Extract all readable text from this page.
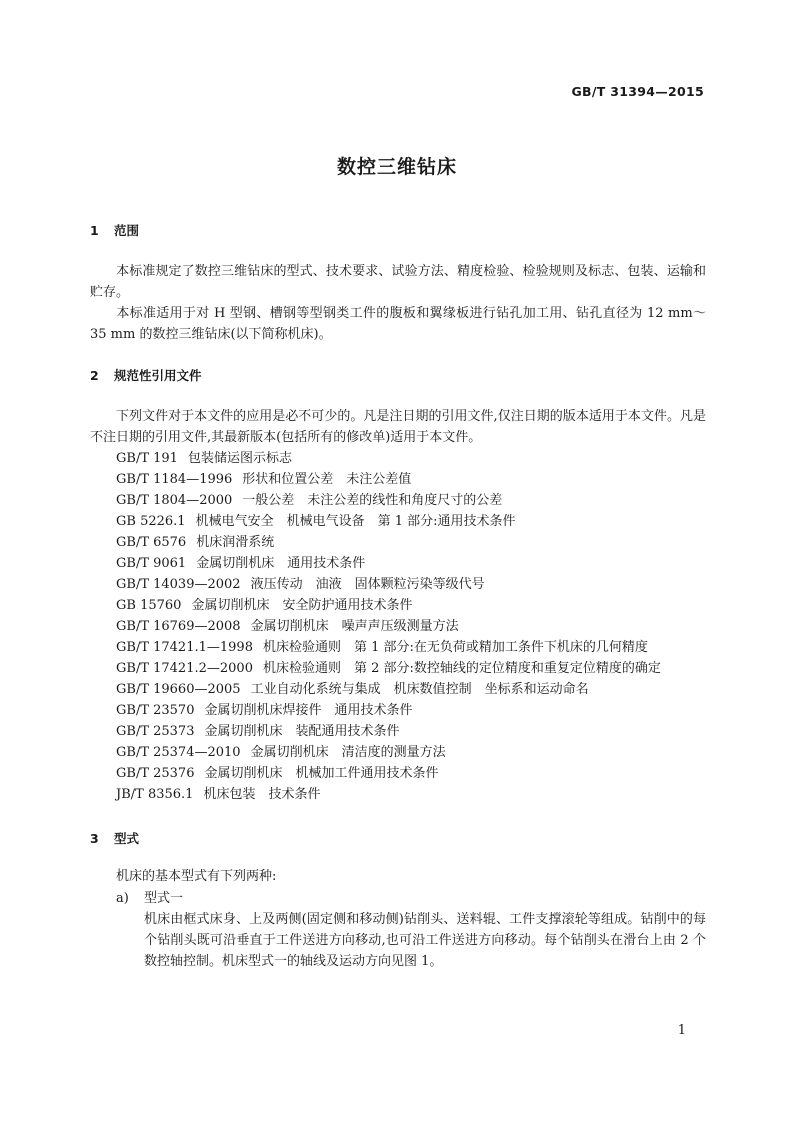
GB/T 31394—2015
数控三维钻床
1 范围
本标准规定了数控三维钻床的型式、技术要求、试验方法、精度检验、检验规则及标志、包装、运输和贮存。
本标准适用于对 H 型钢、槽钢等型钢类工件的腹板和翼缘板进行钻孔加工用、钻孔直径为 12 mm～35 mm 的数控三维钻床(以下简称机床)。
2 规范性引用文件
下列文件对于本文件的应用是必不可少的。凡是注日期的引用文件,仅注日期的版本适用于本文件。凡是不注日期的引用文件,其最新版本(包括所有的修改单)适用于本文件。
GB/T 191 包装储运图示标志
GB/T 1184—1996 形状和位置公差　未注公差值
GB/T 1804—2000 一般公差　未注公差的线性和角度尺寸的公差
GB 5226.1 机械电气安全　机械电气设备　第 1 部分:通用技术条件
GB/T 6576 机床润滑系统
GB/T 9061 金属切削机床　通用技术条件
GB/T 14039—2002 液压传动　油液　固体颗粒污染等级代号
GB 15760 金属切削机床　安全防护通用技术条件
GB/T 16769—2008 金属切削机床　噪声声压级测量方法
GB/T 17421.1—1998 机床检验通则　第 1 部分:在无负荷或精加工条件下机床的几何精度
GB/T 17421.2—2000 机床检验通则　第 2 部分:数控轴线的定位精度和重复定位精度的确定
GB/T 19660—2005 工业自动化系统与集成　机床数值控制　坐标系和运动命名
GB/T 23570 金属切削机床焊接件　通用技术条件
GB/T 25373 金属切削机床　装配通用技术条件
GB/T 25374—2010 金属切削机床　清洁度的测量方法
GB/T 25376 金属切削机床　机械加工件通用技术条件
JB/T 8356.1 机床包装　技术条件
3 型式
机床的基本型式有下列两种:
a) 型式一
机床由框式床身、上及两侧(固定侧和移动侧)钻削头、送料辊、工件支撑滚轮等组成。钻削中的每个钻削头既可沿垂直于工件送进方向移动,也可沿工件送进方向移动。每个钻削头在滑台上由 2 个数控轴控制。机床型式一的轴线及运动方向见图 1。
1
